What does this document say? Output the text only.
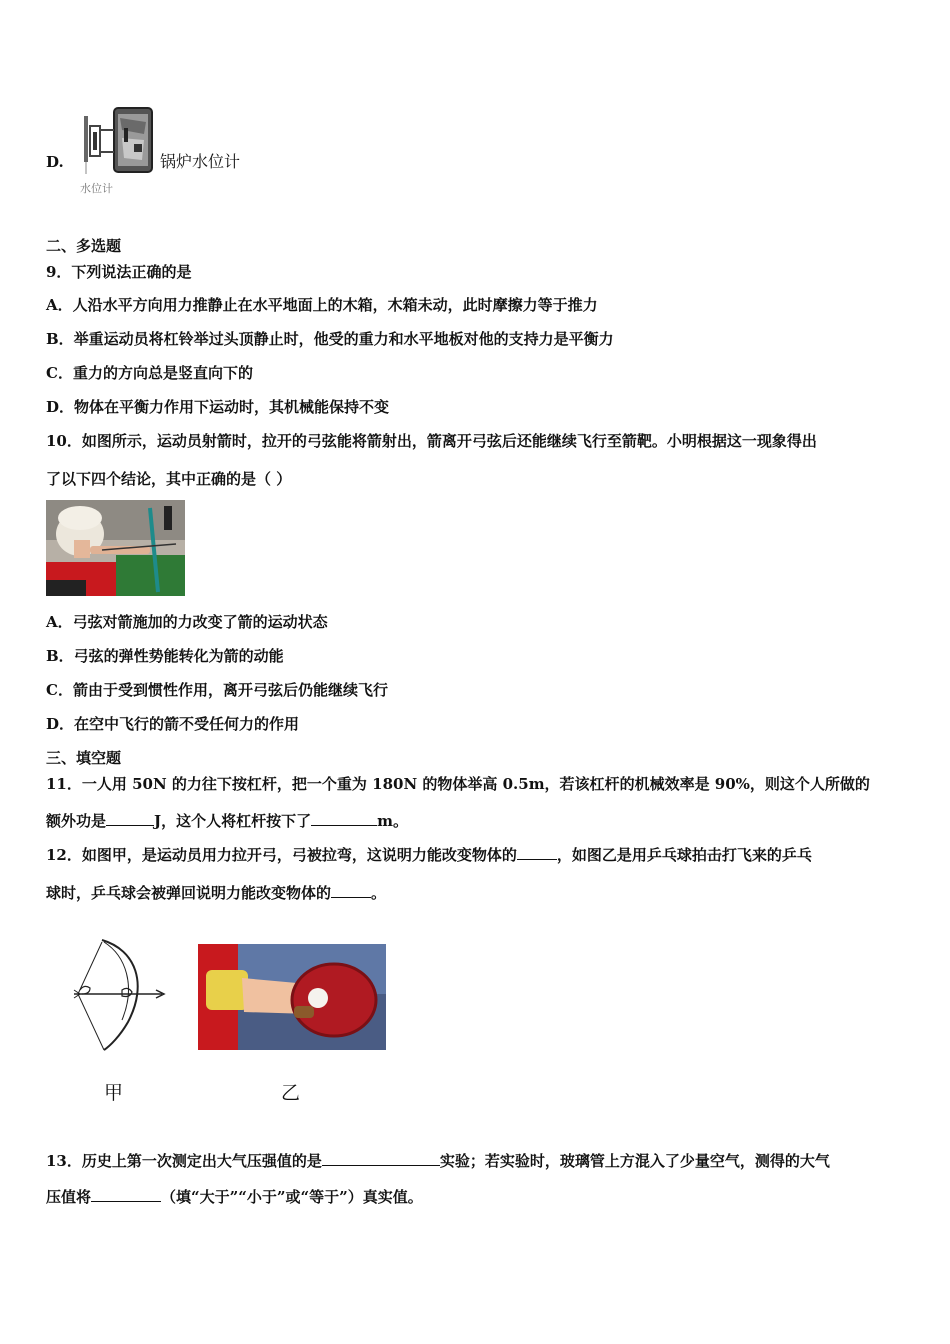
D.
水位计
锅炉水位计
二、多选题
9．下列说法正确的是
A．人沿水平方向用力推静止在水平地面上的木箱，木箱未动，此时摩擦力等于推力
B．举重运动员将杠铃举过头顶静止时，他受的重力和水平地板对他的支持力是平衡力
C．重力的方向总是竖直向下的
D．物体在平衡力作用下运动时，其机械能保持不变
10．如图所示，运动员射箭时，拉开的弓弦能将箭射出，箭离开弓弦后还能继续飞行至箭靶。小明根据这一现象得出
了以下四个结论，其中正确的是（ ）
A．弓弦对箭施加的力改变了箭的运动状态
B．弓弦的弹性势能转化为箭的动能
C．箭由于受到惯性作用，离开弓弦后仍能继续飞行
D．在空中飞行的箭不受任何力的作用
三、填空题
11．一人用 50N 的力往下按杠杆，把一个重为 180N 的物体举高 0.5m，若该杠杆的机械效率是 90%，则这个人所做的
额外功是	J，这个人将杠杆按下了	m。
12．如图甲，是运动员用力拉开弓，弓被拉弯，这说明力能改变物体的	，如图乙是用乒乓球拍击打飞来的乒乓
球时，乒乓球会被弹回说明力能改变物体的	。
甲	乙
13．历史上第一次测定出大气压强值的是	实验；若实验时，玻璃管上方混入了少量空气，测得的大气
压值将	（填“大于”“小于”或“等于”）真实值。
